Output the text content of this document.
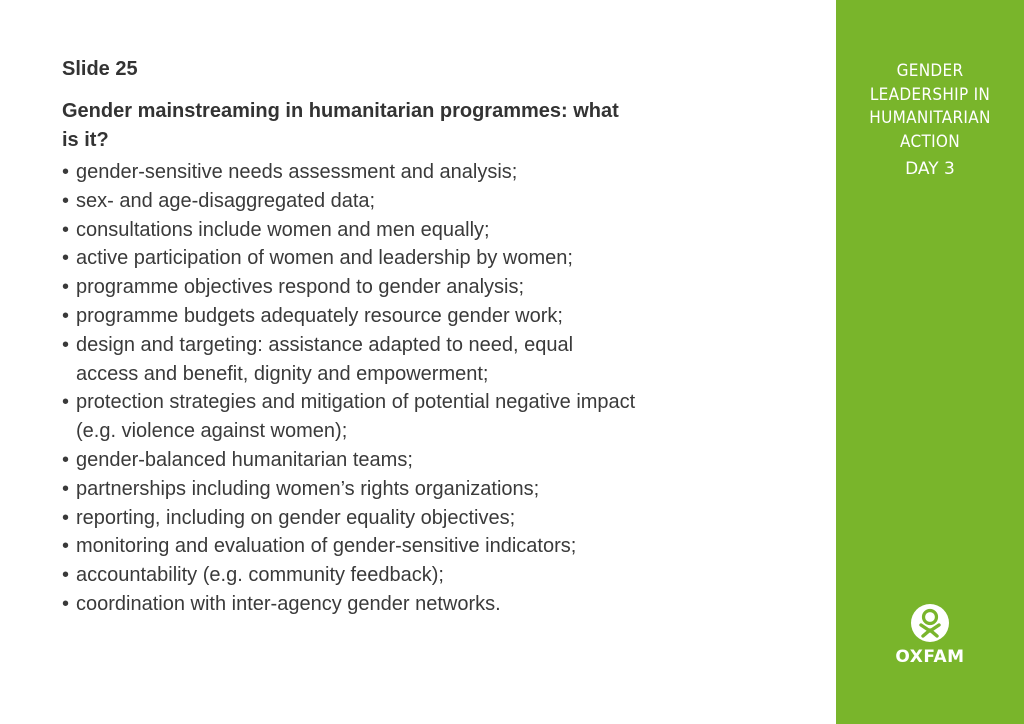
Slide 25

Gender mainstreaming in humanitarian programmes: what is it?

• gender-sensitive needs assessment and analysis;
• sex- and age-disaggregated data;
• consultations include women and men equally;
• active participation of women and leadership by women;
• programme objectives respond to gender analysis;
• programme budgets adequately resource gender work;
• design and targeting: assistance adapted to need, equal access and benefit, dignity and empowerment;
• protection strategies and mitigation of potential negative impact (e.g. violence against women);
• gender-balanced humanitarian teams;
• partnerships including women’s rights organizations;
• reporting, including on gender equality objectives;
• monitoring and evaluation of gender-sensitive indicators;
• accountability (e.g. community feedback);
• coordination with inter-agency gender networks.
GENDER
LEADERSHIP IN
HUMANITARIAN
ACTION
DAY 3
OXFAM
